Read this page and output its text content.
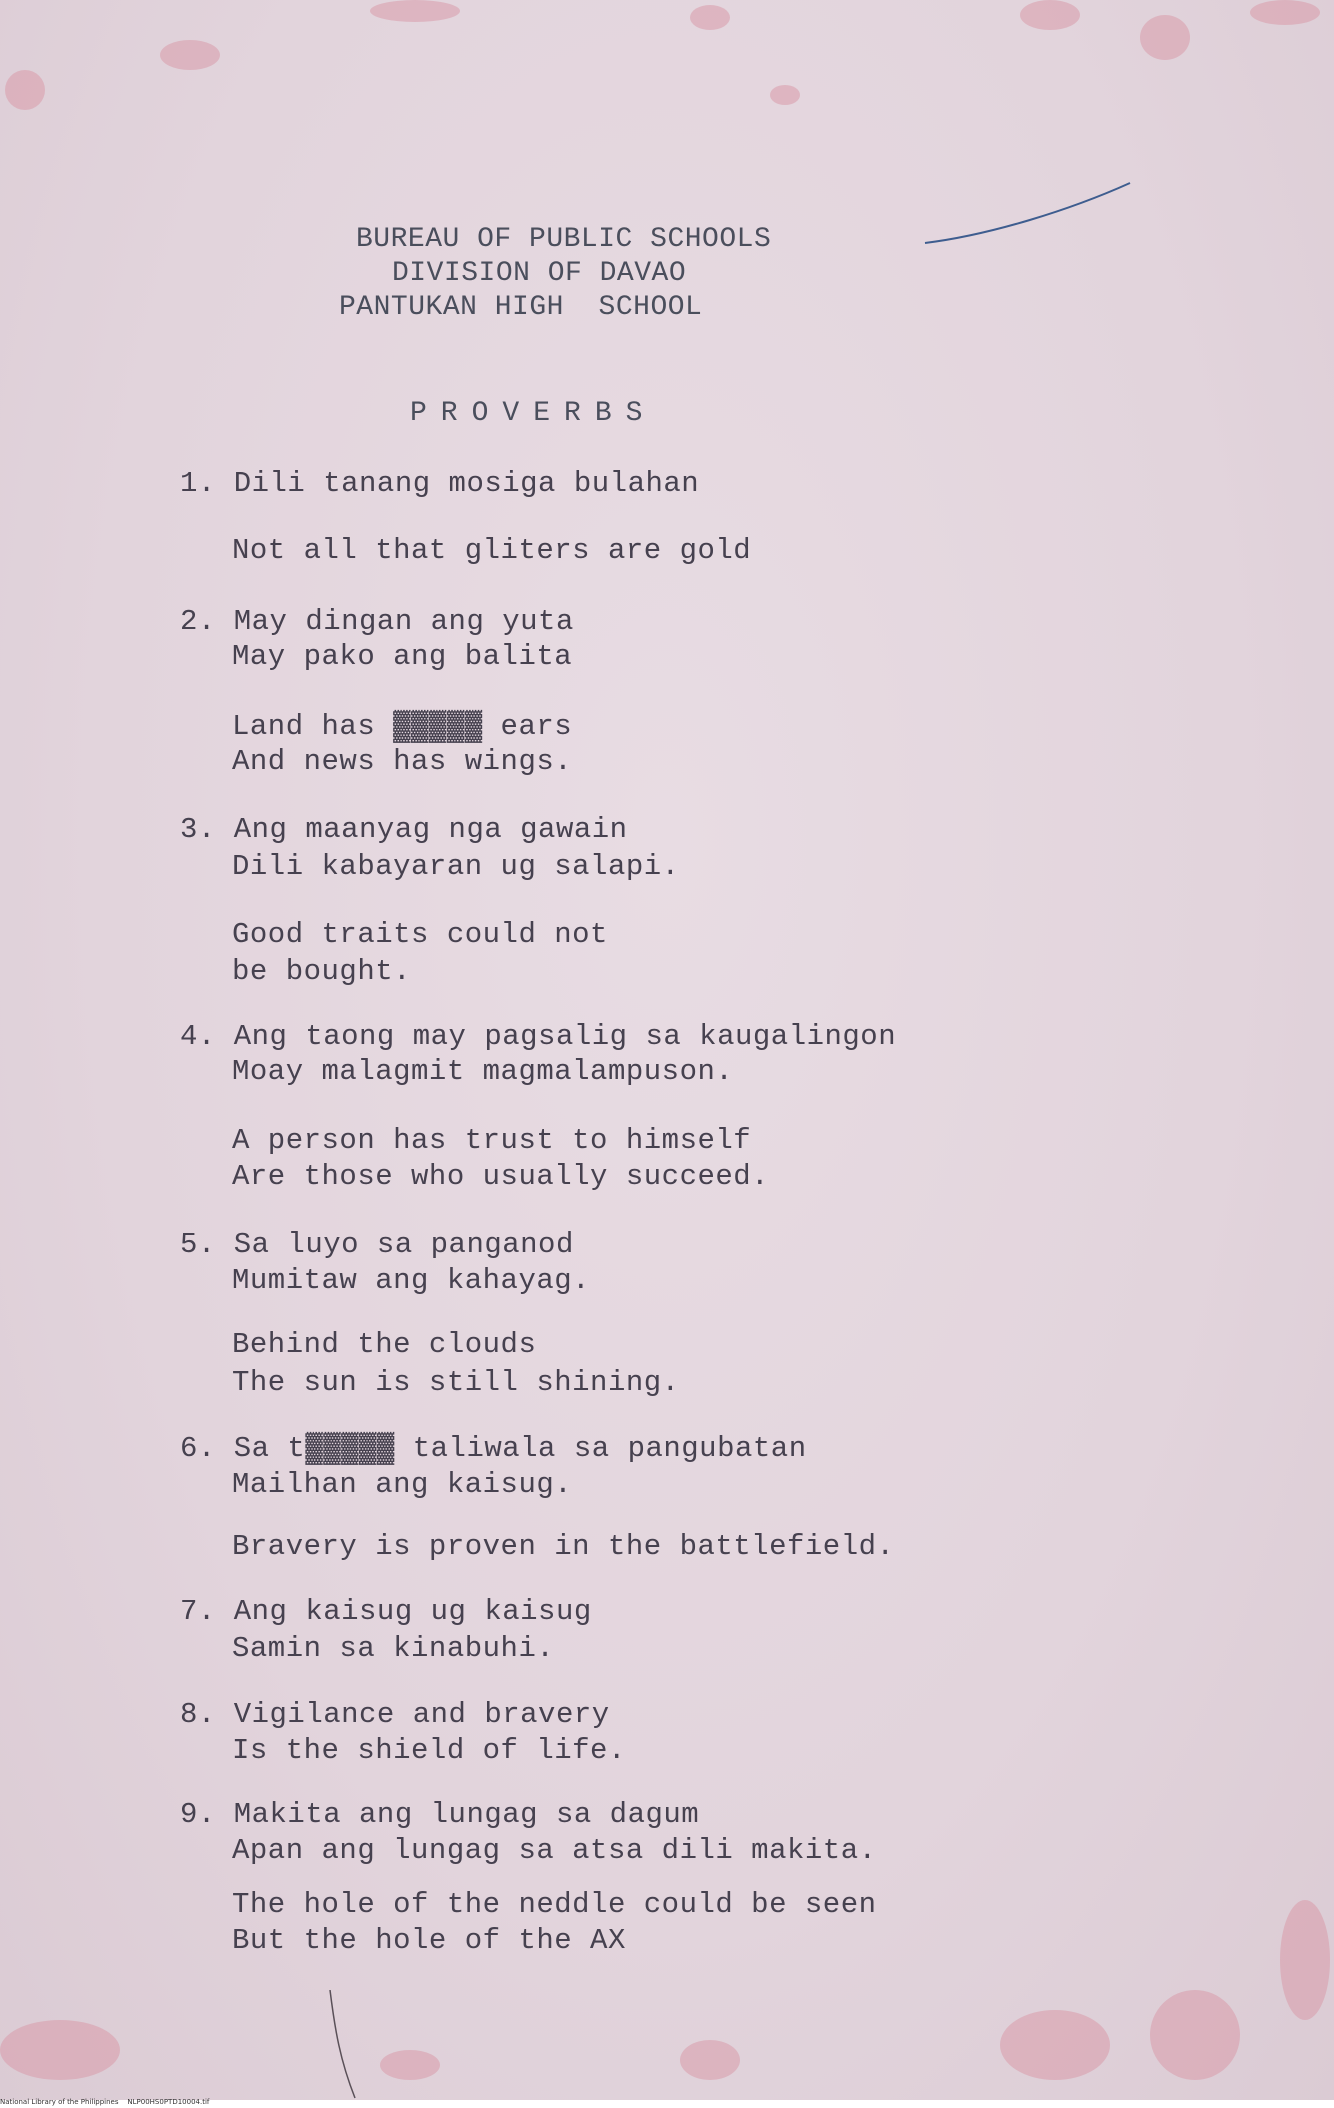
BUREAU OF PUBLIC SCHOOLS
DIVISION OF DAVAO
PANTUKAN HIGH  SCHOOL
PROVERBS
1. Dili tanang mosiga bulahan
Not all that gliters are gold
2. May dingan ang yuta
May pako ang balita
Land has ▓▓▓▓▓ ears
And news has wings.
3. Ang maanyag nga gawain
Dili kabayaran ug salapi.
Good traits could not
be bought.
4. Ang taong may pagsalig sa kaugalingon
Moay malagmit magmalampuson.
A person has trust to himself
Are those who usually succeed.
5. Sa luyo sa panganod
Mumitaw ang kahayag.
Behind the clouds
The sun is still shining.
6. Sa t▓▓▓▓▓ taliwala sa pangubatan
Mailhan ang kaisug.
Bravery is proven in the battlefield.
7. Ang kaisug ug kaisug
Samin sa kinabuhi.
8. Vigilance and bravery
Is the shield of life.
9. Makita ang lungag sa dagum
Apan ang lungag sa atsa dili makita.
The hole of the neddle could be seen
But the hole of the AX
National Library of the Philippines    NLP00HS0PTD10004.tif
